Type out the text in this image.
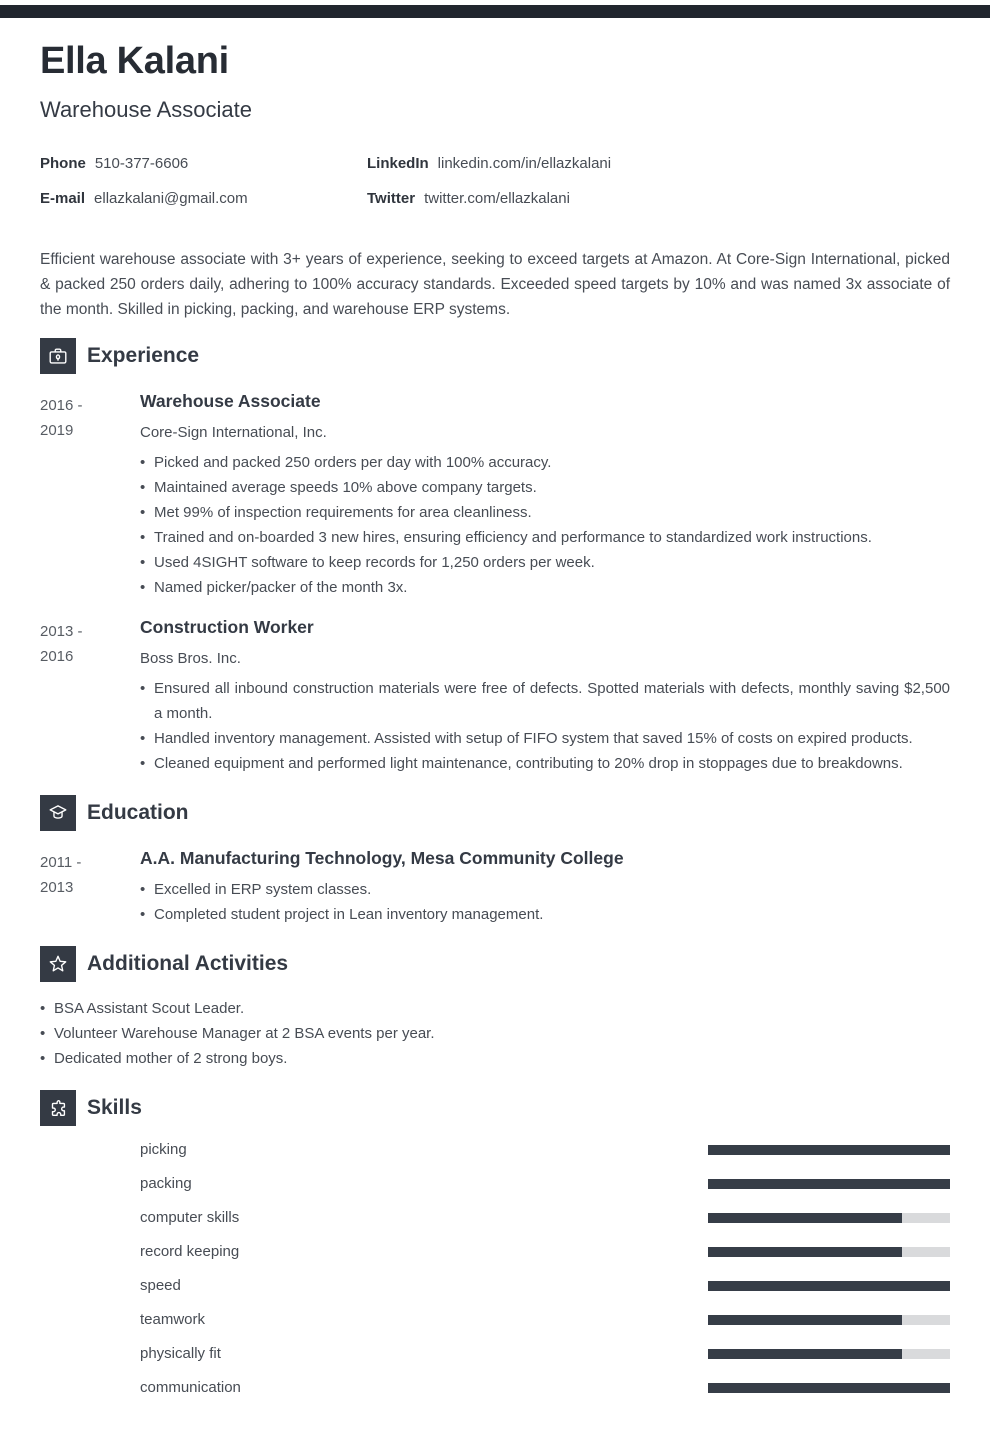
Ella Kalani
Warehouse Associate
Phone 510-377-6606	LinkedIn linkedin.com/in/ellazkalani
E-mail ellazkalani@gmail.com	Twitter twitter.com/ellazkalani

Efficient warehouse associate with 3+ years of experience, seeking to exceed targets at Amazon. At Core-Sign International, picked & packed 250 orders daily, adhering to 100% accuracy standards. Exceeded speed targets by 10% and was named 3x associate of the month. Skilled in picking, packing, and warehouse ERP systems.

Experience
2016 -
2019
Warehouse Associate
Core-Sign International, Inc.
• Picked and packed 250 orders per day with 100% accuracy.
• Maintained average speeds 10% above company targets.
• Met 99% of inspection requirements for area cleanliness.
• Trained and on-boarded 3 new hires, ensuring efficiency and performance to standardized work instructions.
• Used 4SIGHT software to keep records for 1,250 orders per week.
• Named picker/packer of the month 3x.
2013 -
2016
Construction Worker
Boss Bros. Inc.
• Ensured all inbound construction materials were free of defects. Spotted materials with defects, monthly saving $2,500 a month.
• Handled inventory management. Assisted with setup of FIFO system that saved 15% of costs on expired products.
• Cleaned equipment and performed light maintenance, contributing to 20% drop in stoppages due to breakdowns.
Education
2011 -
2013
A.A. Manufacturing Technology, Mesa Community College
• Excelled in ERP system classes.
• Completed student project in Lean inventory management.
Additional Activities
• BSA Assistant Scout Leader.
• Volunteer Warehouse Manager at 2 BSA events per year.
• Dedicated mother of 2 strong boys.
Skills
picking
packing
computer skills
record keeping
speed
teamwork
physically fit
communication
